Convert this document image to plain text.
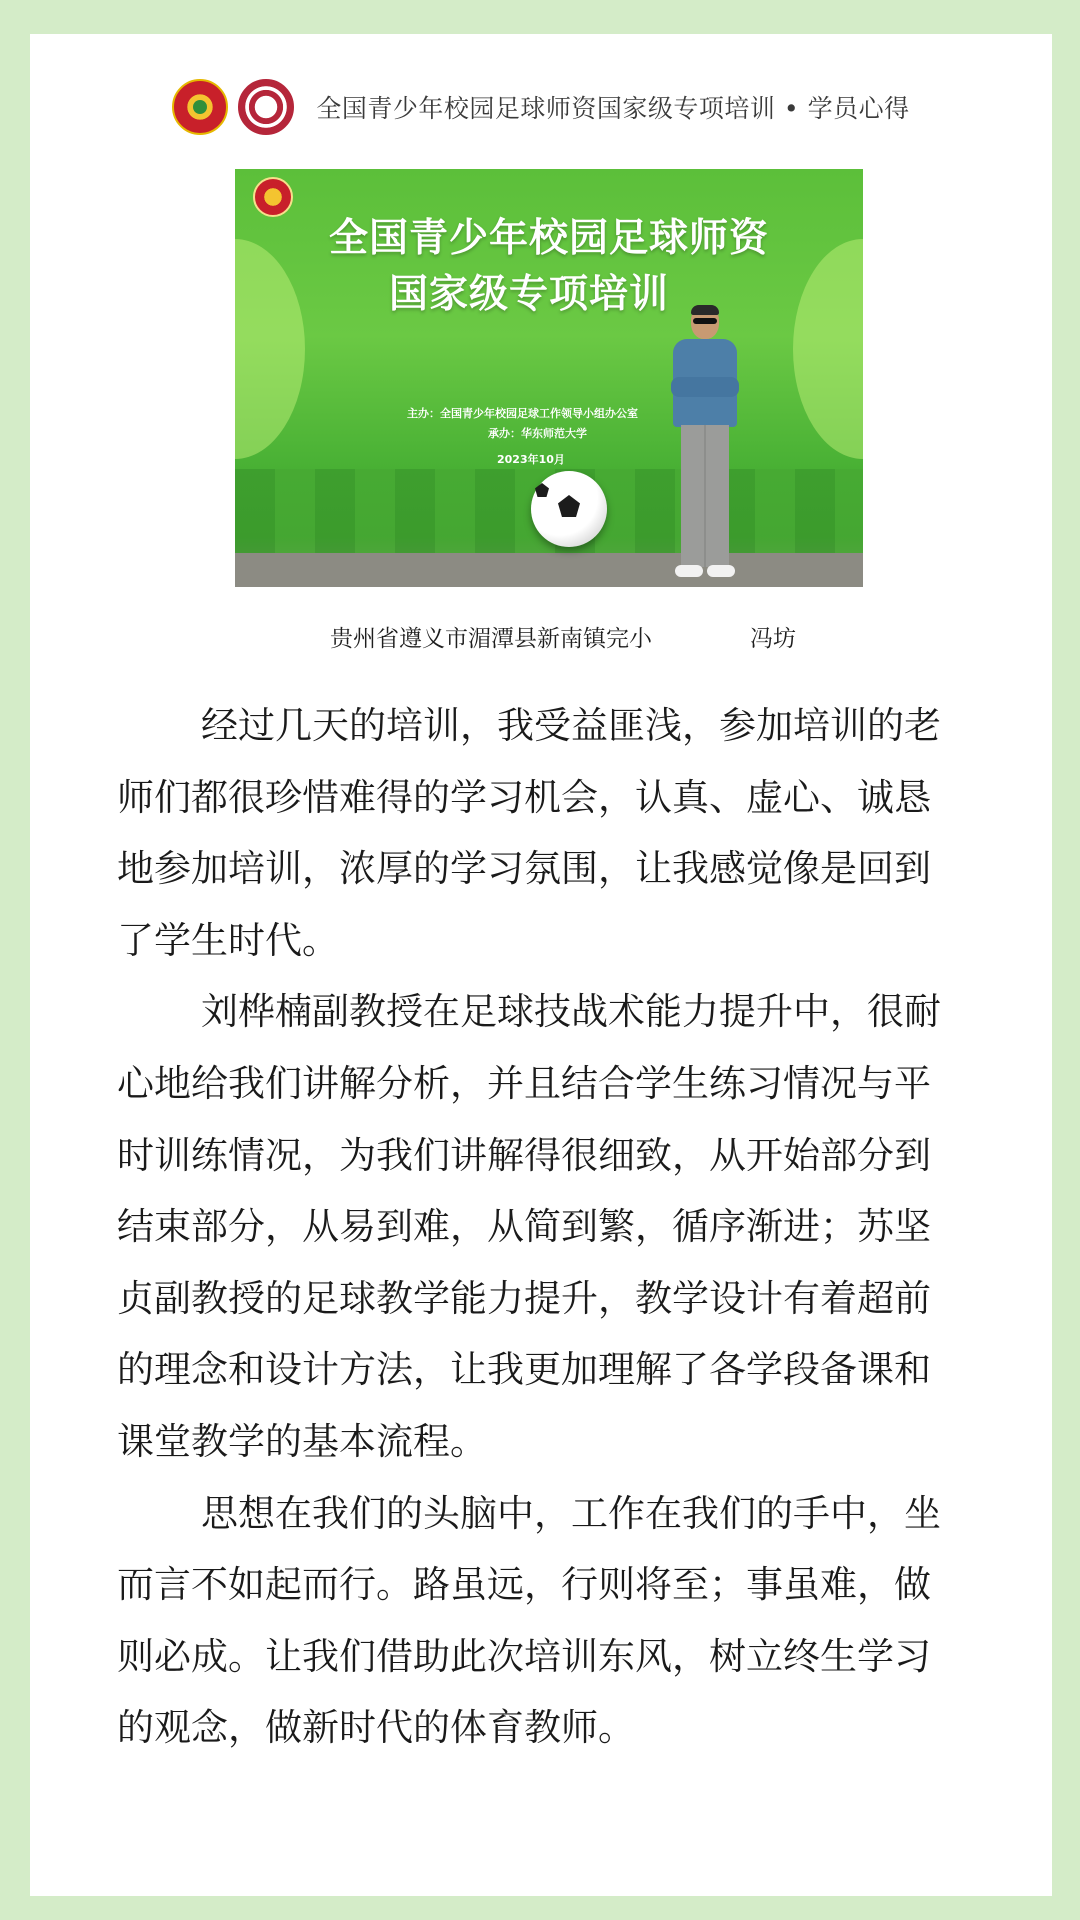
全国青少年校园足球师资国家级专项培训 • 学员心得
全国青少年校园足球师资
国家级专项培训
主办：全国青少年校园足球工作领导小组办公室
承办：华东师范大学
2023年10月
贵州省遵义市湄潭县新南镇完小	冯坊

经过几天的培训，我受益匪浅，参加培训的老师们都很珍惜难得的学习机会，认真、虚心、诚恳地参加培训，浓厚的学习氛围，让我感觉像是回到了学生时代。

刘桦楠副教授在足球技战术能力提升中，很耐心地给我们讲解分析，并且结合学生练习情况与平时训练情况，为我们讲解得很细致，从开始部分到结束部分，从易到难，从简到繁，循序渐进；苏坚贞副教授的足球教学能力提升，教学设计有着超前的理念和设计方法，让我更加理解了各学段备课和课堂教学的基本流程。

思想在我们的头脑中，工作在我们的手中，坐而言不如起而行。路虽远，行则将至；事虽难，做则必成。让我们借助此次培训东风，树立终生学习的观念，做新时代的体育教师。
